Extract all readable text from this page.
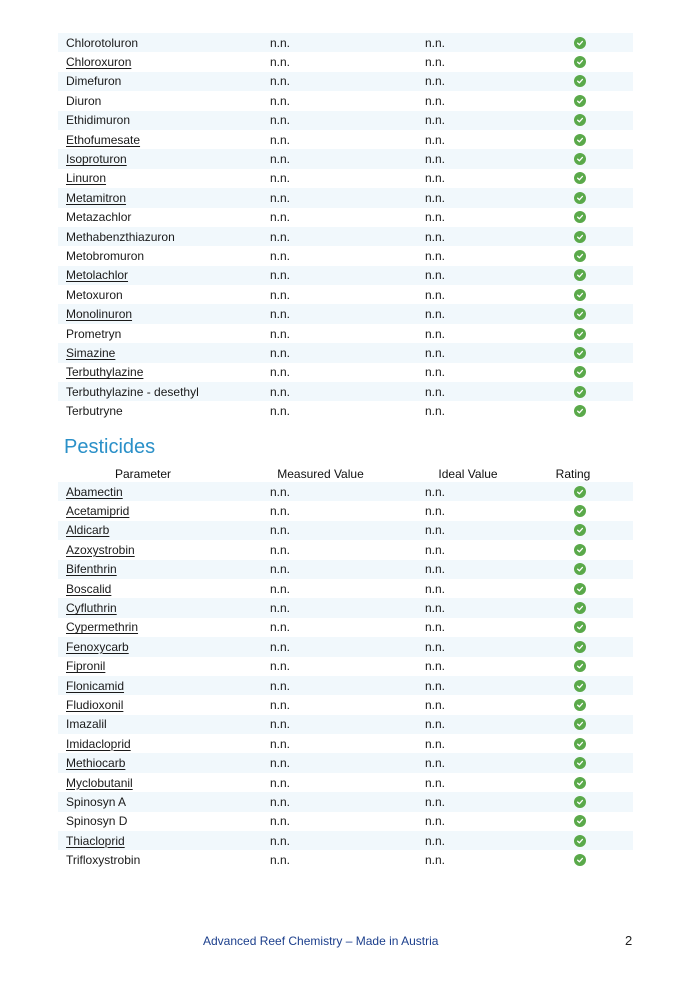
Chlorotoluron	n.n.	n.n.
Chloroxuron	n.n.	n.n.
Dimefuron	n.n.	n.n.
Diuron	n.n.	n.n.
Ethidimuron	n.n.	n.n.
Ethofumesate	n.n.	n.n.
Isoproturon	n.n.	n.n.
Linuron	n.n.	n.n.
Metamitron	n.n.	n.n.
Metazachlor	n.n.	n.n.
Methabenzthiazuron	n.n.	n.n.
Metobromuron	n.n.	n.n.
Metolachlor	n.n.	n.n.
Metoxuron	n.n.	n.n.
Monolinuron	n.n.	n.n.
Prometryn	n.n.	n.n.
Simazine	n.n.	n.n.
Terbuthylazine	n.n.	n.n.
Terbuthylazine - desethyl	n.n.	n.n.
Terbutryne	n.n.	n.n.
Pesticides
Parameter	Measured Value	Ideal Value	Rating
Abamectin	n.n.	n.n.
Acetamiprid	n.n.	n.n.
Aldicarb	n.n.	n.n.
Azoxystrobin	n.n.	n.n.
Bifenthrin	n.n.	n.n.
Boscalid	n.n.	n.n.
Cyfluthrin	n.n.	n.n.
Cypermethrin	n.n.	n.n.
Fenoxycarb	n.n.	n.n.
Fipronil	n.n.	n.n.
Flonicamid	n.n.	n.n.
Fludioxonil	n.n.	n.n.
Imazalil	n.n.	n.n.
Imidacloprid	n.n.	n.n.
Methiocarb	n.n.	n.n.
Myclobutanil	n.n.	n.n.
Spinosyn A	n.n.	n.n.
Spinosyn D	n.n.	n.n.
Thiacloprid	n.n.	n.n.
Trifloxystrobin	n.n.	n.n.
Advanced Reef Chemistry – Made in Austria	2
